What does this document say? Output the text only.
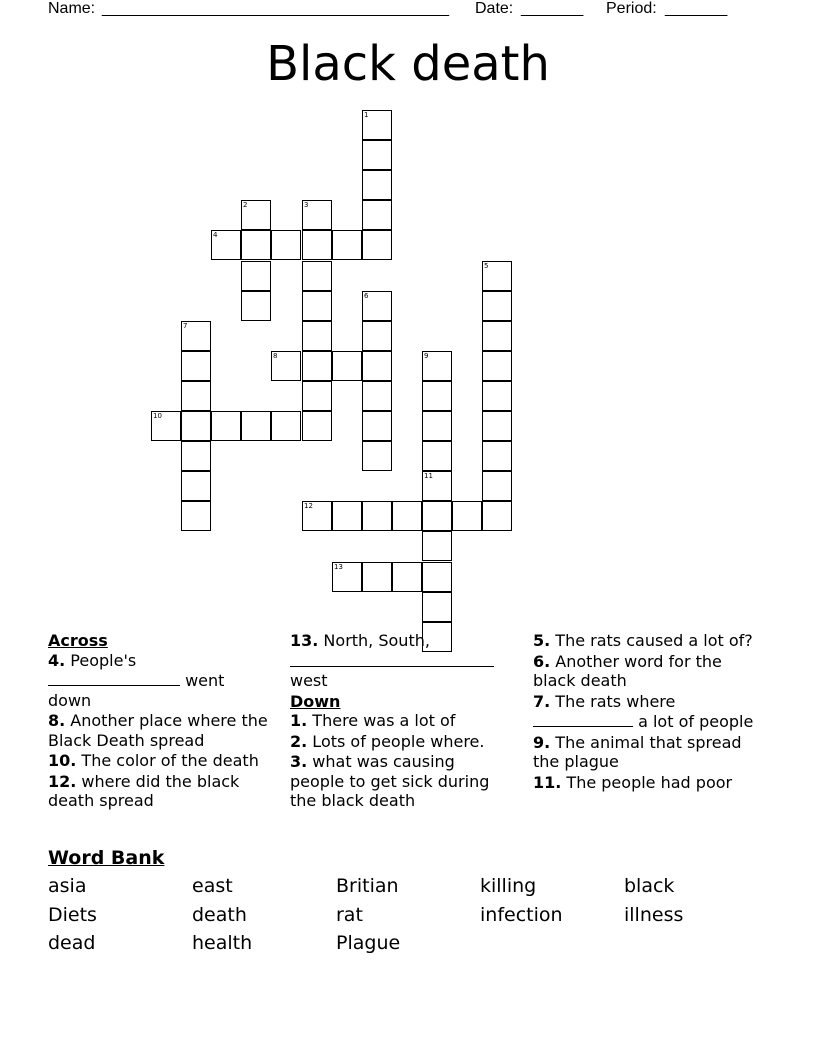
Name: _______________________________________ Date: _______ Period: _______
Black death
1
2	3
4
5
6
7
8	9
10
11
12
13
Across
4. People's  went down
8. Another place where the Black Death spread
10. The color of the death
12. where did the black death spread
13. North, South,  west
Down
1. There was a lot of
2. Lots of people where.
3. what was causing people to get sick during the black death
5. The rats caused a lot of?
6. Another word for the black death
7. The rats where  a lot of people
9. The animal that spread the plague
11. The people had poor
Word Bank
asia	east	Britian	killing	black
Diets	death	rat	infection	illness
dead	health	Plague
